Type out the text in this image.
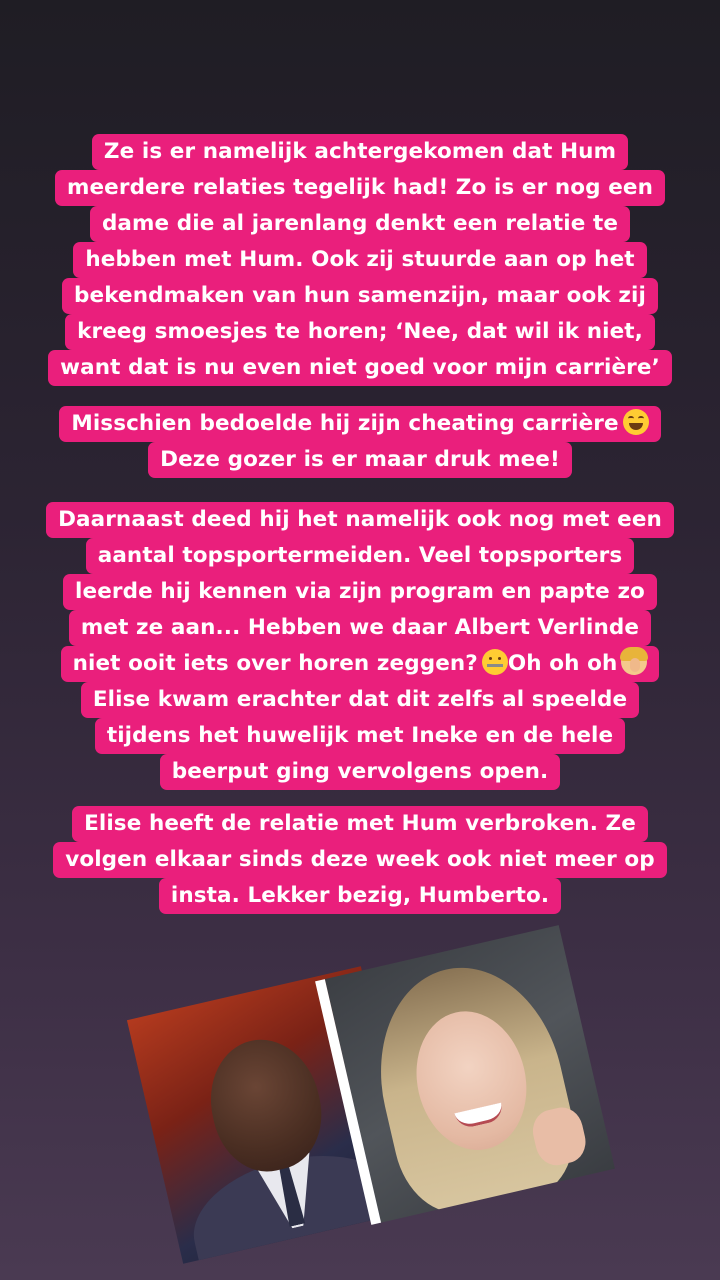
Ze is er namelijk achtergekomen dat Hum
meerdere relaties tegelijk had! Zo is er nog een
dame die al jarenlang denkt een relatie te
hebben met Hum. Ook zij stuurde aan op het
bekendmaken van hun samenzijn, maar ook zij
kreeg smoesjes te horen; ‘Nee, dat wil ik niet,
want dat is nu even niet goed voor mijn carrière’
Misschien bedoelde hij zijn cheating carrière
Deze gozer is er maar druk mee!
Daarnaast deed hij het namelijk ook nog met een
aantal topsportermeiden. Veel topsporters
leerde hij kennen via zijn program en papte zo
met ze aan... Hebben we daar Albert Verlinde
niet ooit iets over horen zeggen? Oh oh oh
Elise kwam erachter dat dit zelfs al speelde
tijdens het huwelijk met Ineke en de hele
beerput ging vervolgens open.
Elise heeft de relatie met Hum verbroken. Ze
volgen elkaar sinds deze week ook niet meer op
insta. Lekker bezig, Humberto.
